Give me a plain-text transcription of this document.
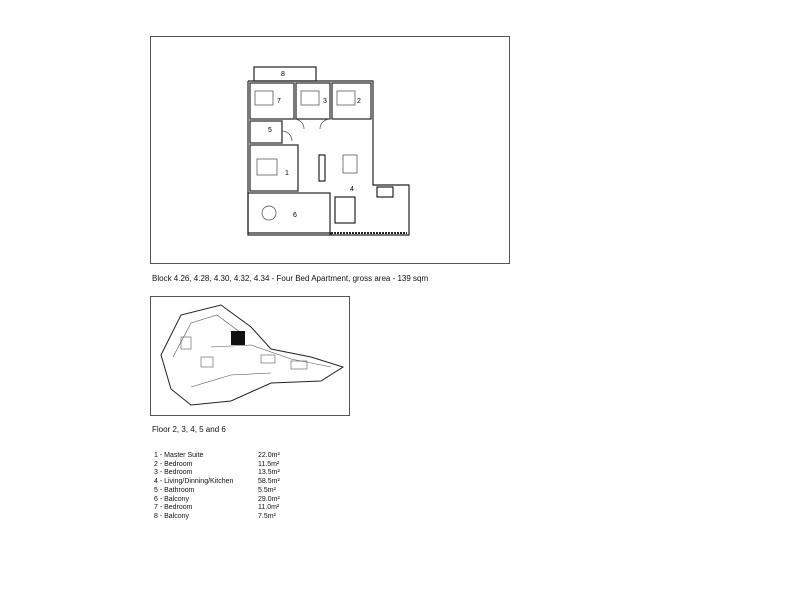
8
7	3	2
5
1
4
6
Block 4.26, 4.28, 4.30, 4.32, 4.34 - Four Bed Apartment, gross area - 139 sqm
Floor 2, 3, 4, 5 and 6
1 - Master Suite	22.0m²
2 - Bedroom	11.5m²
3 - Bedroom	13.5m²
4 - Living/Dinning/Kitchen	58.5m²
5 - Bathroom	5.5m²
6 - Balcony	29.0m²
7 - Bedroom	11.0m²
8 - Balcony	7.5m²
